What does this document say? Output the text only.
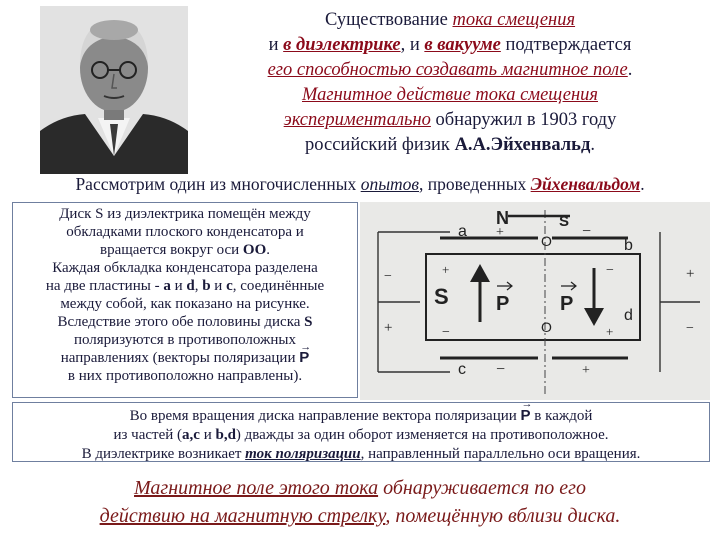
Существование тока смещения
и в диэлектрике, и в вакууме подтверждается
его способностью создавать магнитное поле.
Магнитное действие тока смещения
экспериментально обнаружил в 1903 году
российский физик А.А.Эйхенвальд.
Рассмотрим один из многочисленных опытов, проведенных Эйхенвальдом.
Диск S из диэлектрика помещён между
обкладками плоского конденсатора и
вращается вокруг оси OO.
Каждая обкладка конденсатора разделена
на две пластины - a и d, b и c, соединённые
между собой, как показано на рисунке.
Вследствие этого обе половины диска S
поляризуются в противоположных
направлениях (векторы поляризации → P
в них противоположно направлены).
N	S
O
a
b
c
d
O
+	−
−	+
+	−
−	+
−	+
+	−
S P	P
Во время вращения диска направление вектора поляризации → P в каждой
из частей (a,c и b,d) дважды за один оборот изменяется на противоположное.
В диэлектрике возникает ток поляризации, направленный параллельно оси вращения.
Магнитное поле этого тока обнаруживается по его
действию на магнитную стрелку, помещённую вблизи диска.
